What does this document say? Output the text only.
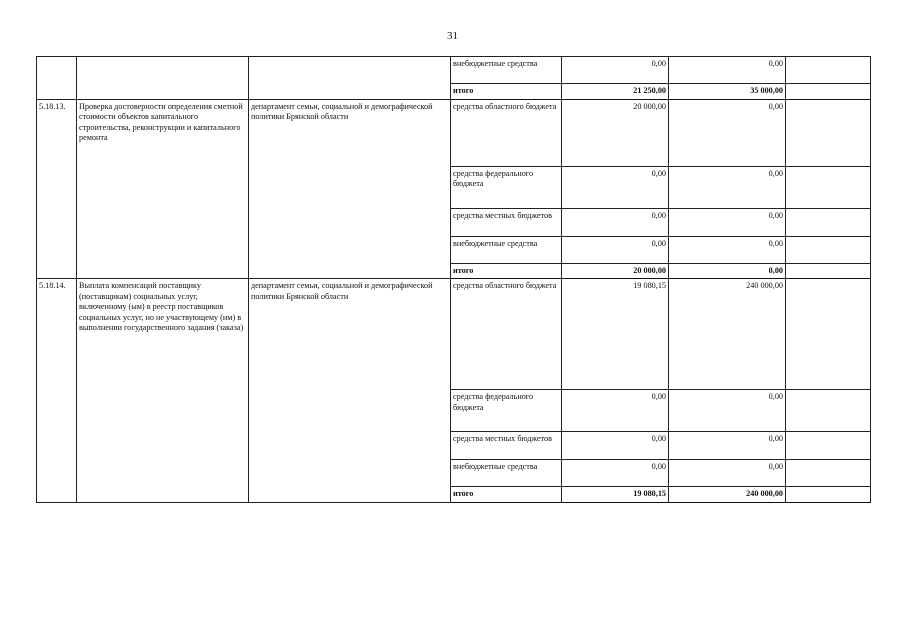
31
			внебюджетные средства	0,00	0,00	
			итого	21 250,00	35 000,00	
5.18.13.	Проверка достоверности определения сметной стоимости объектов капитального строительства, реконструкции и капитального ремонта	департамент семьи, социальной и демографической политики Брянской области	средства областного бюджета	20 000,00	0,00	
			средства федерального бюджета	0,00	0,00	
			средства местных бюджетов	0,00	0,00	
			внебюджетные средства	0,00	0,00	
			итого	20 000,00	0,00	
5.18.14.	Выплата компенсаций поставщику (поставщикам) социальных услуг, включенному (ым) в реестр поставщиков социальных услуг, но не участвующему (им) в выполнении государственного задания (заказа)	департамент семьи, социальной и демографической политики Брянской области	средства областного бюджета	19 080,15	240 000,00	
			средства федерального бюджета	0,00	0,00	
			средства местных бюджетов	0,00	0,00	
			внебюджетные средства	0,00	0,00	
			итого	19 080,15	240 000,00	
